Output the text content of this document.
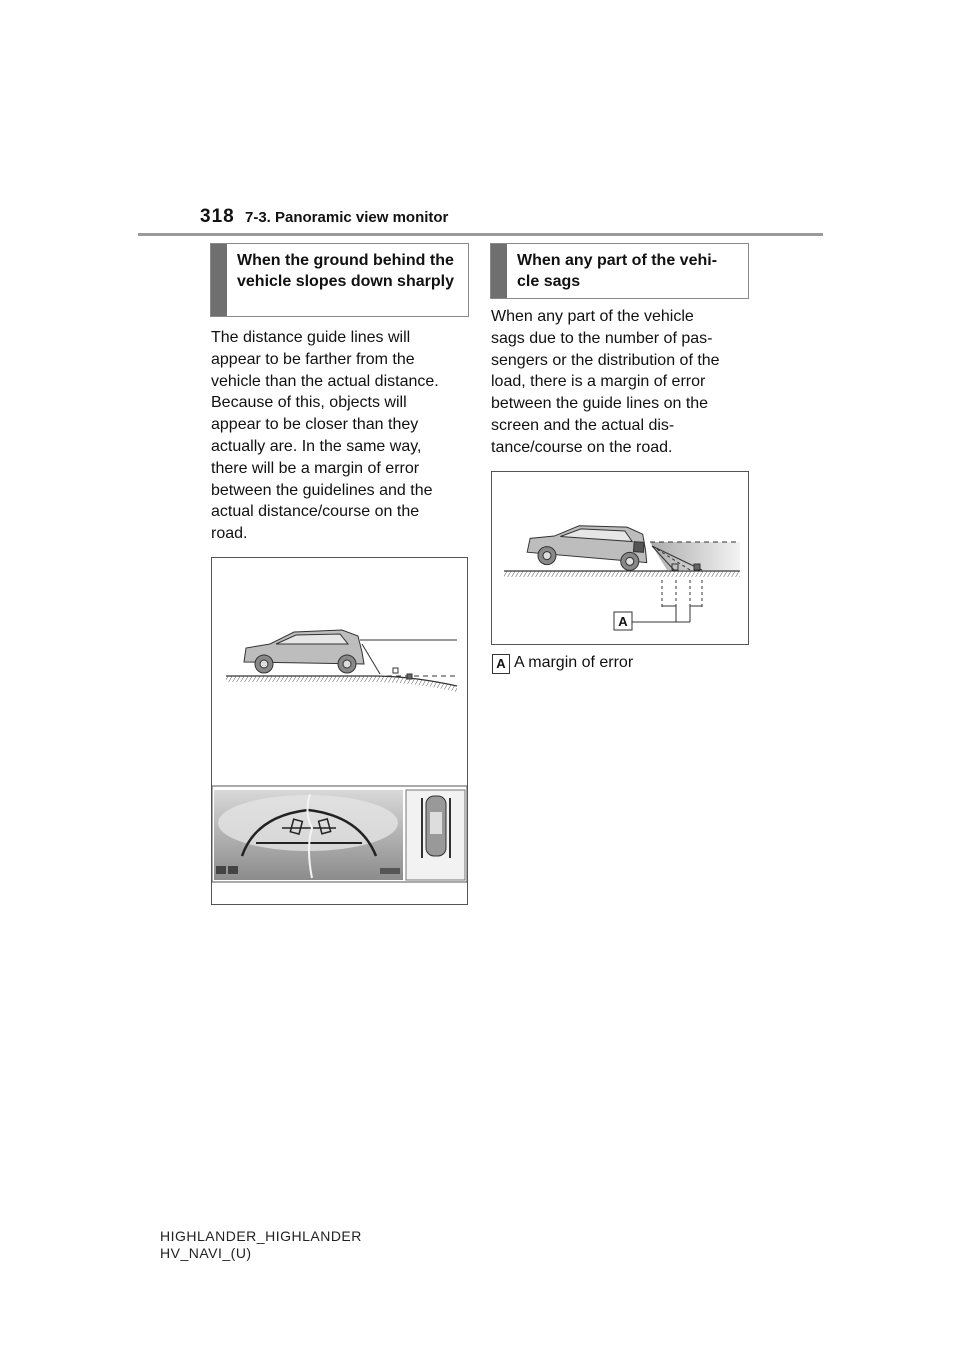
318 7-3. Panoramic view monitor
When the ground behind the vehicle slopes down sharply
The distance guide lines will
appear to be farther from the
vehicle than the actual distance.
Because of this, objects will
appear to be closer than they
actually are. In the same way,
there will be a margin of error
between the guidelines and the
actual distance/course on the
road.
When any part of the vehi-
cle sags
When any part of the vehicle
sags due to the number of pas-
sengers or the distribution of the
load, there is a margin of error
between the guide lines on the
screen and the actual dis-
tance/course on the road.
A
A A margin of error
HIGHLANDER_HIGHLANDER
HV_NAVI_(U)
